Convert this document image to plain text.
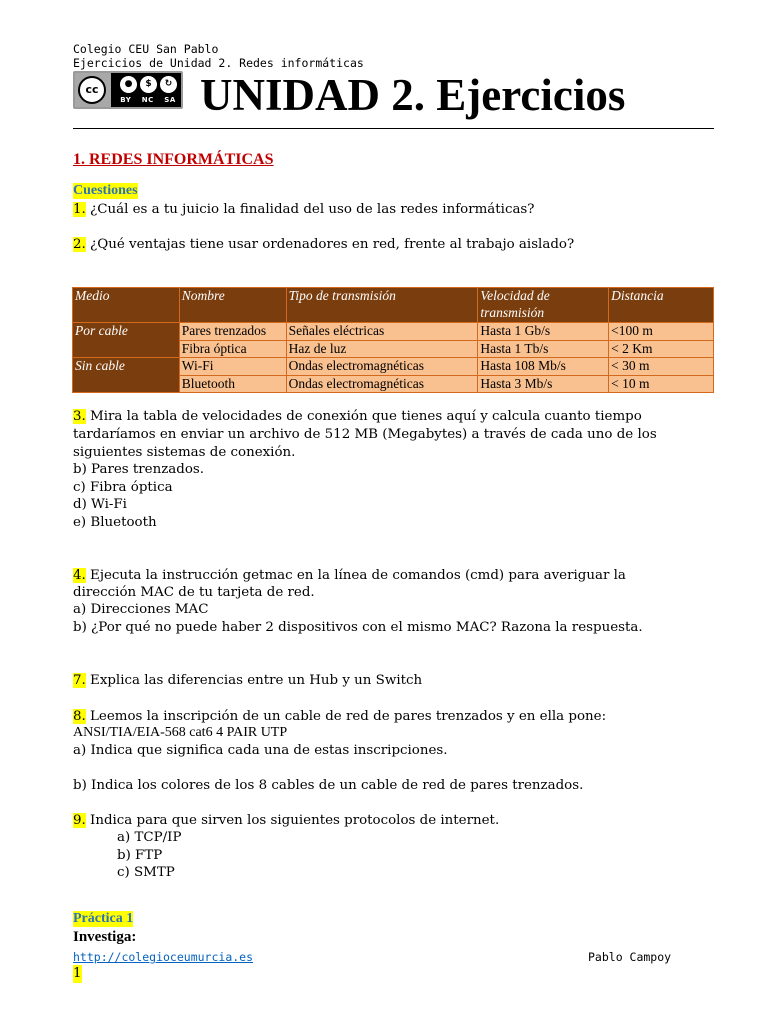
Colegio CEU San Pablo
Ejercicios de Unidad 2. Redes informáticas
cc	●	$	↻
BY NC SA UNIDAD 2. Ejercicios
1. REDES INFORMÁTICAS
Cuestiones
1. ¿Cuál es a tu juicio la finalidad del uso de las redes informáticas?
2. ¿Qué ventajas tiene usar ordenadores en red, frente al trabajo aislado?
Medio	Nombre	Tipo de transmisión	Velocidad de transmisión	Distancia
Por cable	Pares trenzados	Señales eléctricas	Hasta 1 Gb/s	<100 m
	Fibra óptica	Haz de luz	Hasta 1 Tb/s	< 2 Km
Sin cable	Wi-Fi	Ondas electromagnéticas	Hasta 108 Mb/s	< 30 m
	Bluetooth	Ondas electromagnéticas	Hasta 3 Mb/s	< 10 m
3. Mira la tabla de velocidades de conexión que tienes aquí y calcula cuanto tiempo
tardaríamos en enviar un archivo de 512 MB (Megabytes) a través de cada uno de los
siguientes sistemas de conexión.
b) Pares trenzados.
c) Fibra óptica
d) Wi-Fi
e) Bluetooth
4. Ejecuta la instrucción getmac en la línea de comandos (cmd) para averiguar la
dirección MAC de tu tarjeta de red.
a) Direcciones MAC
b) ¿Por qué no puede haber 2 dispositivos con el mismo MAC? Razona la respuesta.
7. Explica las diferencias entre un Hub y un Switch
8. Leemos la inscripción de un cable de red de pares trenzados y en ella pone:
ANSI/TIA/EIA-568 cat6 4 PAIR UTP
a) Indica que significa cada una de estas inscripciones.
b) Indica los colores de los 8 cables de un cable de red de pares trenzados.
9. Indica para que sirven los siguientes protocolos de internet.
a) TCP/IP
b) FTP
c) SMTP
Práctica 1
Investiga:
http://colegioceumurcia.es	Pablo Campoy
1
